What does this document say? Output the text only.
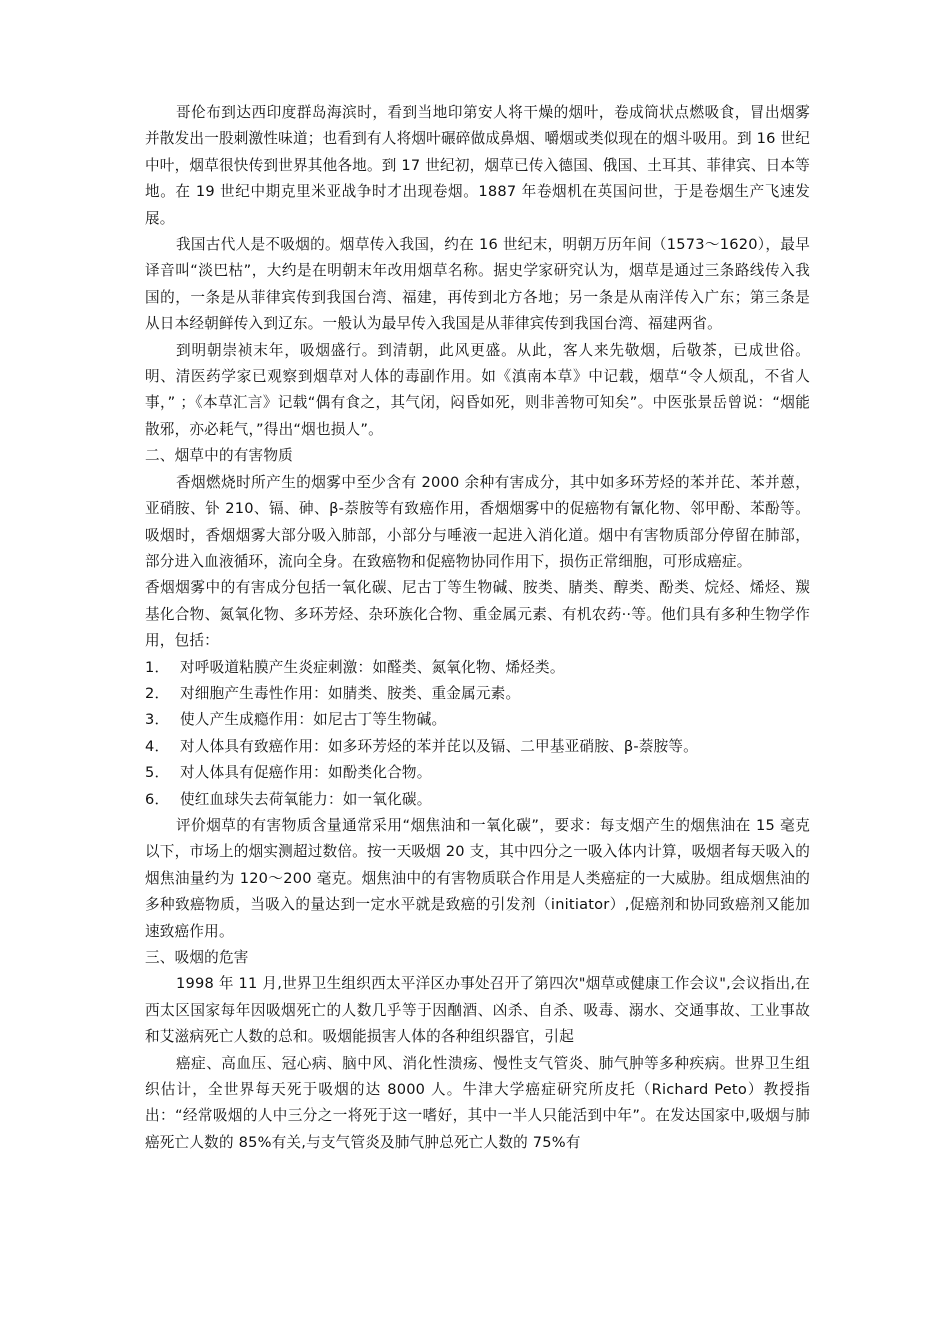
哥伦布到达西印度群岛海滨时，看到当地印第安人将干燥的烟叶，卷成筒状点燃吸食，冒出烟雾并散发出一股刺激性味道；也看到有人将烟叶碾碎做成鼻烟、嚼烟或类似现在的烟斗吸用。到 16 世纪中叶，烟草很快传到世界其他各地。到 17 世纪初，烟草已传入德国、俄国、土耳其、菲律宾、日本等地。在 19 世纪中期克里米亚战争时才出现卷烟。1887 年卷烟机在英国问世，于是卷烟生产飞速发展。

我国古代人是不吸烟的。烟草传入我国，约在 16 世纪末，明朝万历年间（1573～1620），最早译音叫“淡巴枯”，大约是在明朝末年改用烟草名称。据史学家研究认为，烟草是通过三条路线传入我国的，一条是从菲律宾传到我国台湾、福建，再传到北方各地；另一条是从南洋传入广东；第三条是从日本经朝鲜传入到辽东。一般认为最早传入我国是从菲律宾传到我国台湾、福建两省。

到明朝崇祯末年，吸烟盛行。到清朝，此风更盛。从此，客人来先敬烟，后敬茶，已成世俗。明、清医药学家已观察到烟草对人体的毒副作用。如《滇南本草》中记载，烟草“令人烦乱，不省人事，” ；《本草汇言》记载“偶有食之，其气闭，闷昏如死，则非善物可知矣”。中医张景岳曾说：“烟能散邪，亦必耗气，”得出“烟也损人”。

二、烟草中的有害物质

香烟燃烧时所产生的烟雾中至少含有 2000 余种有害成分，其中如多环芳烃的苯并芘、苯并蒽，亚硝胺、钋 210、镉、砷、β-萘胺等有致癌作用，香烟烟雾中的促癌物有氰化物、邻甲酚、苯酚等。吸烟时，香烟烟雾大部分吸入肺部，小部分与唾液一起进入消化道。烟中有害物质部分停留在肺部，部分进入血液循环，流向全身。在致癌物和促癌物协同作用下，损伤正常细胞，可形成癌症。

香烟烟雾中的有害成分包括一氧化碳、尼古丁等生物碱、胺类、腈类、醇类、酚类、烷烃、烯烃、羰基化合物、氮氧化物、多环芳烃、杂环族化合物、重金属元素、有机农药··等。他们具有多种生物学作用，包括：

1． 对呼吸道粘膜产生炎症刺激：如醛类、氮氧化物、烯烃类。
2． 对细胞产生毒性作用：如腈类、胺类、重金属元素。
3． 使人产生成瘾作用：如尼古丁等生物碱。
4． 对人体具有致癌作用：如多环芳烃的苯并芘以及镉、二甲基亚硝胺、β-萘胺等。
5． 对人体具有促癌作用：如酚类化合物。
6． 使红血球失去荷氧能力：如一氧化碳。

评价烟草的有害物质含量通常采用“烟焦油和一氧化碳”，要求：每支烟产生的烟焦油在 15 毫克以下，市场上的烟实测超过数倍。按一天吸烟 20 支，其中四分之一吸入体内计算，吸烟者每天吸入的烟焦油量约为 120～200 毫克。烟焦油中的有害物质联合作用是人类癌症的一大威胁。组成烟焦油的多种致癌物质，当吸入的量达到一定水平就是致癌的引发剂（initiator）,促癌剂和协同致癌剂又能加速致癌作用。

三、吸烟的危害

1998 年 11 月,世界卫生组织西太平洋区办事处召开了第四次"烟草或健康工作会议",会议指出,在西太区国家每年因吸烟死亡的人数几乎等于因酗酒、凶杀、自杀、吸毒、溺水、交通事故、工业事故和艾滋病死亡人数的总和。吸烟能损害人体的各种组织器官，引起

癌症、高血压、冠心病、脑中风、消化性溃疡、慢性支气管炎、肺气肿等多种疾病。世界卫生组织估计，全世界每天死于吸烟的达 8000 人。牛津大学癌症研究所皮托（Richard Peto）教授指出：“经常吸烟的人中三分之一将死于这一嗜好，其中一半人只能活到中年”。在发达国家中,吸烟与肺癌死亡人数的 85%有关,与支气管炎及肺气肿总死亡人数的 75%有
